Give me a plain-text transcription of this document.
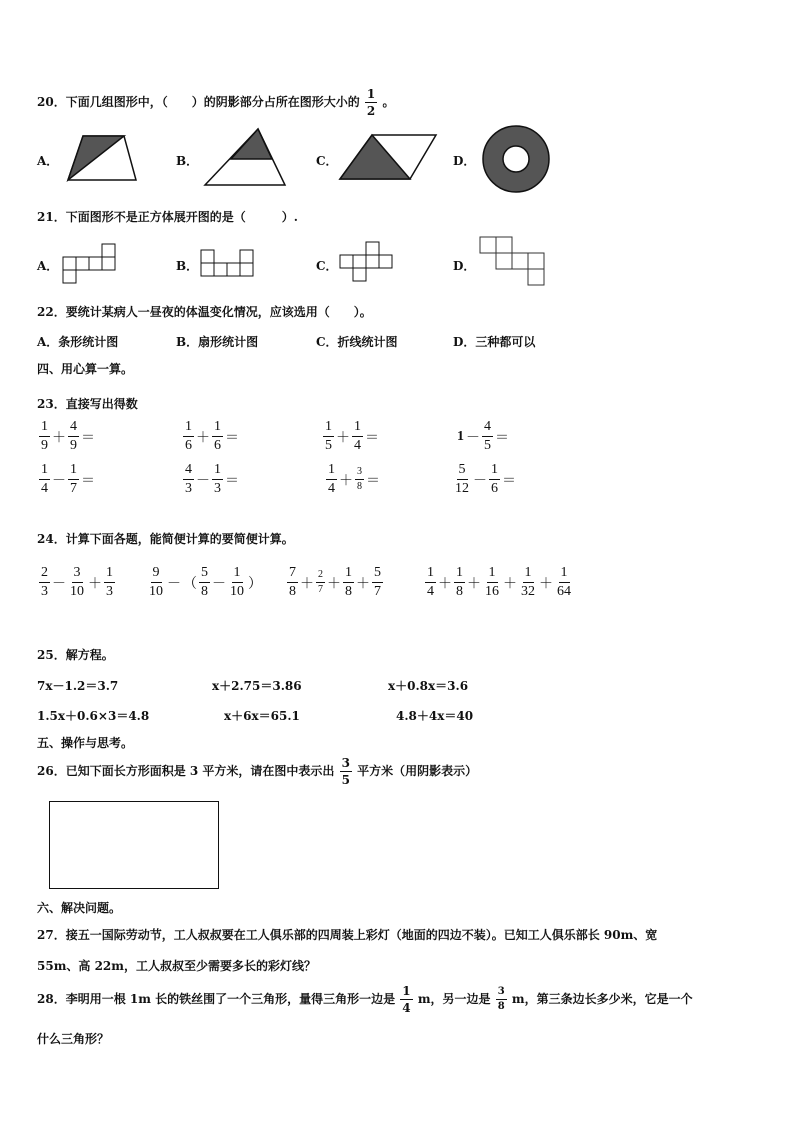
20．下面几组图形中，（　　）的阴影部分占所在图形大小的 $\frac{1}{2}$ 。
A．	B．	C．	D．
21．下面图形不是正方体展开图的是（　　　）.
A．	B．	C．	D．
22．要统计某病人一昼夜的体温变化情况，应该选用（　　）。
A．条形统计图	B．扇形统计图	C．折线统计图	D．三种都可以
四、用心算一算。
23．直接写出得数
$\frac{1}{9} + \frac{4}{9}$ ＝	$\frac{1}{6} + \frac{1}{6}$ ＝	$\frac{1}{5} + \frac{1}{4}$ ＝	$1 - \frac{4}{5}$ ＝
$\frac{1}{4} - \frac{1}{7}$ ＝	$\frac{4}{3} - \frac{1}{3}$ ＝	$\frac{1}{4} + \frac{3}{8}$ ＝	$\frac{5}{12} - \frac{1}{6}$ ＝
24．计算下面各题，能简便计算的要简便计算。
$\frac{2}{3} - \frac{3}{10} + \frac{1}{3} \frac{9}{10}$ － （ $\frac{5}{8} - \frac{1}{10}$ ） $\frac{7}{8} + \frac{2}{7} + \frac{1}{8} + \frac{5}{7}$	$\frac{1}{4} + \frac{1}{8} + \frac{1}{16} + \frac{1}{32} + \frac{1}{64}$
25．解方程。
7x－1.2＝3.7	x＋2.75＝3.86	x＋0.8x＝3.6
1.5x＋0.6×3＝4.8	x＋6x＝65.1	4.8＋4x＝40
五、操作与思考。
26．已知下面长方形面积是 3 平方米，请在图中表示出 $\frac{3}{5}$ 平方米（用阴影表示）
六、解决问题。
27．接五一国际劳动节，工人叔叔要在工人俱乐部的四周装上彩灯（地面的四边不装）。已知工人俱乐部长 90m、宽
55m、高 22m，工人叔叔至少需要多长的彩灯线？
28．李明用一根 1m 长的铁丝围了一个三角形，量得三角形一边是 $\frac{1}{4}$ m，另一边是 $\frac{3}{8}$ m，第三条边长多少米，它是一个
什么三角形？
